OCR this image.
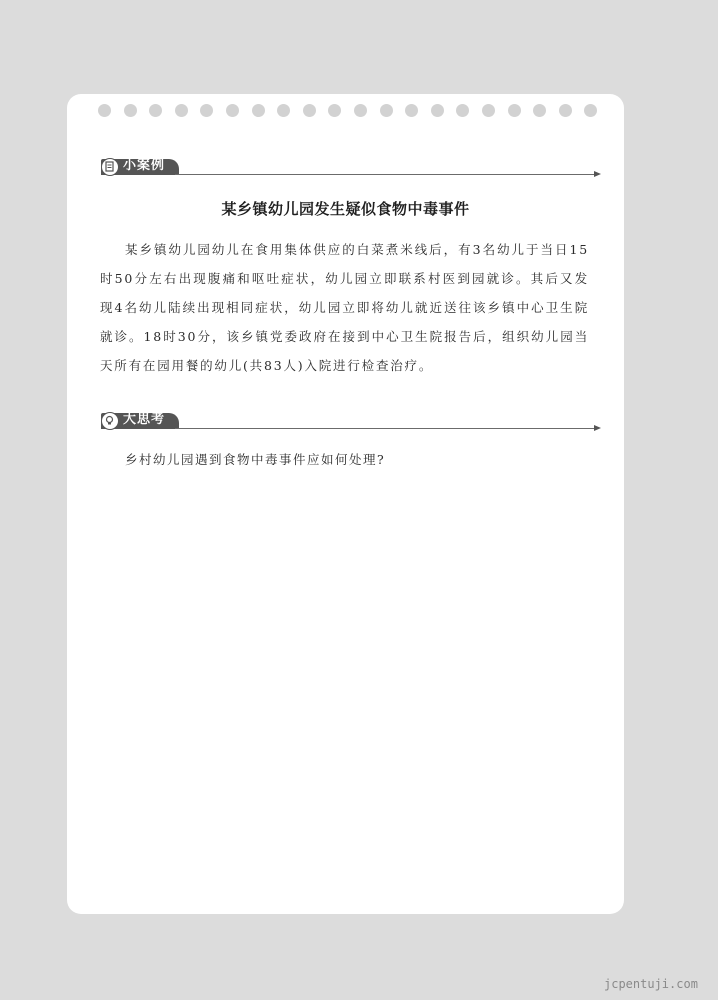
小案例
某乡镇幼儿园发生疑似食物中毒事件
某乡镇幼儿园幼儿在食用集体供应的白菜煮米线后，有3名幼儿于当日15时50分左右出现腹痛和呕吐症状，幼儿园立即联系村医到园就诊。其后又发现4名幼儿陆续出现相同症状，幼儿园立即将幼儿就近送往该乡镇中心卫生院就诊。18时30分，该乡镇党委政府在接到中心卫生院报告后，组织幼儿园当天所有在园用餐的幼儿(共83人)入院进行检查治疗。
大思考
乡村幼儿园遇到食物中毒事件应如何处理?
jcpentuji.com
